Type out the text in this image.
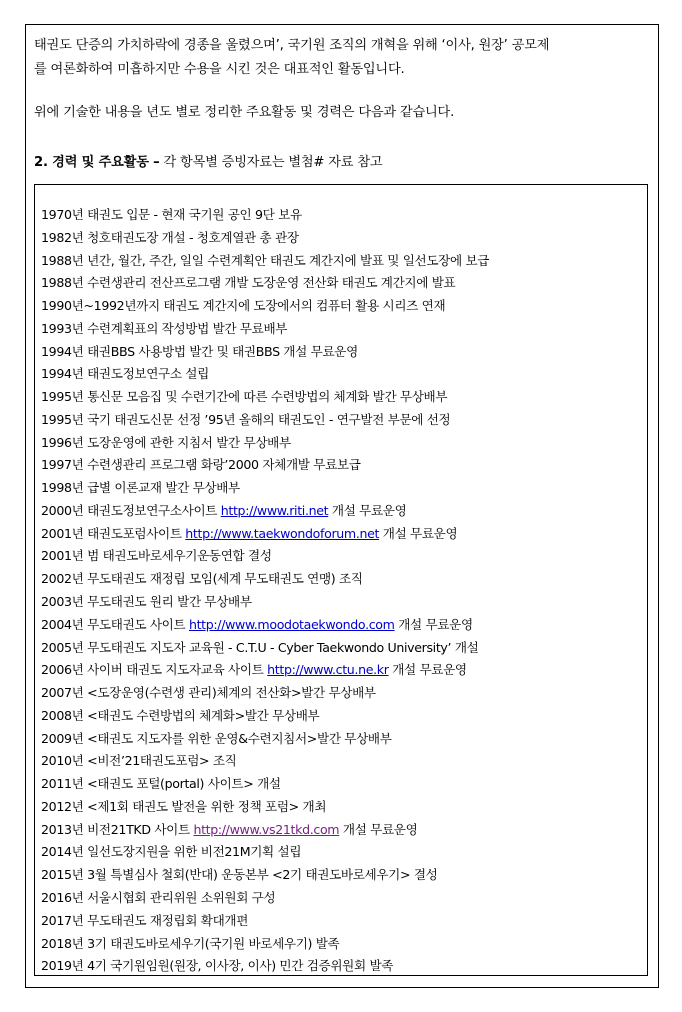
태권도 단증의 가치하락에 경종을 울렸으며’, 국기원 조직의 개혁을 위해 ‘이사, 원장’ 공모제

를 여론화하여 미흡하지만 수용을 시킨 것은 대표적인 활동입니다.

위에 기술한 내용을 년도 별로 정리한 주요활동 및 경력은 다음과 같습니다.
2. 경력 및 주요활동 – 각 항목별 증빙자료는 별첨# 자료 참고
1970년 태권도 입문 - 현재 국기원 공인 9단 보유
1982년 청호태권도장 개설 - 청호계열관 총 관장
1988년 년간, 월간, 주간, 일일 수련계획안 태권도 계간지에 발표 및 일선도장에 보급
1988년 수련생관리 전산프로그램 개발 도장운영 전산화 태권도 계간지에 발표
1990년~1992년까지 태권도 계간지에 도장에서의 컴퓨터 활용 시리즈 연재
1993년 수련계획표의 작성방법 발간 무료배부
1994년 태권BBS 사용방법 발간 및 태권BBS 개설 무료운영
1994년 태권도정보연구소 설립
1995년 통신문 모음집 및 수련기간에 따른 수련방법의 체계화 발간 무상배부
1995년 국기 태권도신문 선정 ’95년 올해의 태권도인 - 연구발전 부문에 선정
1996년 도장운영에 관한 지침서 발간 무상배부
1997년 수련생관리 프로그램 화랑’2000 자체개발 무료보급
1998년 급별 이론교재 발간 무상배부
2000년 태권도정보연구소사이트 http://www.riti.net 개설 무료운영
2001년 태권도포럼사이트 http://www.taekwondoforum.net 개설 무료운영
2001년 범 태권도바로세우기운동연합 결성
2002년 무도태권도 재정립 모임(세계 무도태권도 연맹) 조직
2003년 무도태권도 원리 발간 무상배부
2004년 무도태권도 사이트 http://www.moodotaekwondo.com 개설 무료운영
2005년 무도태권도 지도자 교육원 - C.T.U - Cyber Taekwondo University’ 개설
2006년 사이버 태권도 지도자교육 사이트 http://www.ctu.ne.kr 개설 무료운영
2007년 <도장운영(수련생 관리)체계의 전산화>발간 무상배부
2008년 <태권도 수련방법의 체계화>발간 무상배부
2009년 <태권도 지도자를 위한 운영&수련지침서>발간 무상배부
2010년 <비전’21태권도포럼> 조직
2011년 <태권도 포털(portal) 사이트> 개설
2012년 <제1회 태권도 발전을 위한 정책 포럼> 개최
2013년 비전21TKD 사이트 http://www.vs21tkd.com 개설 무료운영
2014년 일선도장지원을 위한 비전21M기획 설립
2015년 3월 특별심사 철회(반대) 운동본부 <2기 태권도바로세우기> 결성
2016년 서울시협회 관리위원 소위원회 구성
2017년 무도태권도 재정립회 확대개편
2018년 3기 태권도바로세우기(국기원 바로세우기) 발족
2019년 4기 국기원임원(원장, 이사장, 이사) 민간 검증위원회 발족
